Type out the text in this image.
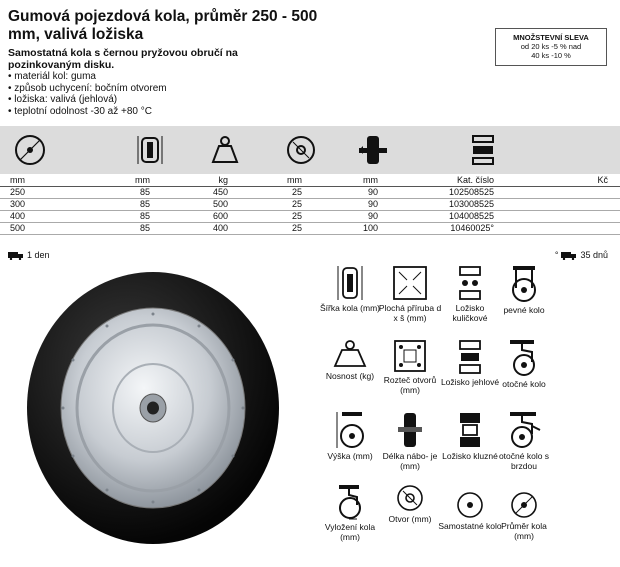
Gumová pojezdová kola, průměr 250 - 500 mm, valivá ložiska
Samostatná kola s černou pryžovou obručí na pozinkovaným disku.
• materiál kol: guma
• způsob uchycení: bočním otvorem
• ložiska: valivá (jehlová)
• teplotní odolnost -30 až +80 °C
MNOŽSTEVNÍ SLEVA
od 20 ks -5 % nad
40 ks -10 %
mm	mm	kg	mm	mm	Kat. číslo	Kč
250	85	450	25	90	102508525	
300	85	500	25	90	103008525	
400	85	600	25	90	104008525	
500	85	400	25	100	10460025°	
1 den	° 35 dnů
Šířka kola (mm)
Plochá příruba d x š (mm)
Ložisko kuličkové
pevné kolo
Nosnost (kg)	Rozteč otvorů (mm)
Ložisko jehlové otočné kolo
Výška (mm)	Délka nábo- je (mm)
Ložisko kluzné otočné kolo s brzdou
Vyložení kola (mm)
Otvor (mm)
Samostatné kolo Průměr kola (mm)
